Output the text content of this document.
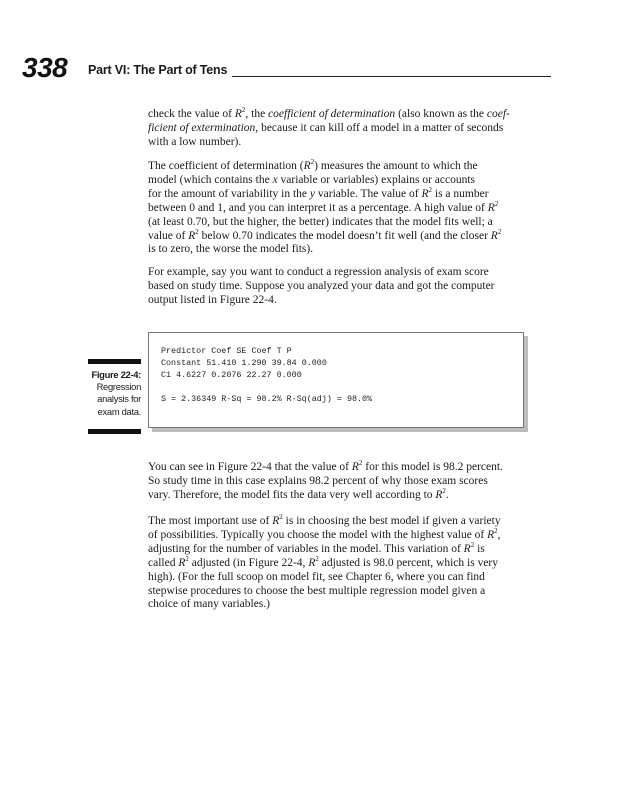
338 Part VI: The Part of Tens

check the value of $R^2$, the coefficient of determination (also known as the coef-
ficient of extermination, because it can kill off a model in a matter of seconds
with a low number).

The coefficient of determination $(R^2)$ measures the amount to which the
model (which contains the x variable or variables) explains or accounts
for the amount of variability in the y variable. The value of $R^2$ is a number
between 0 and 1, and you can interpret it as a percentage. A high value of $R^2$
(at least 0.70, but the higher, the better) indicates that the model fits well; a
value of $R^2$ below 0.70 indicates the model doesn’t fit well (and the closer $R^2$
is to zero, the worse the model fits).

For example, say you want to conduct a regression analysis of exam score
based on study time. Suppose you analyzed your data and got the computer
output listed in Figure 22-4.

Figure 22-4:
Regression
analysis for
exam data.
Predictor Coef SE Coef T P
Constant 51.410 1.290 39.84 0.000
C1 4.6227 0.2076 22.27 0.000
S = 2.36349 R-Sq = 98.2% R-Sq(adj) = 98.0%

You can see in Figure 22-4 that the value of $R^2$ for this model is 98.2 percent.
So study time in this case explains 98.2 percent of why those exam scores
vary. Therefore, the model fits the data very well according to $R^2$.

The most important use of $R^2$ is in choosing the best model if given a variety
of possibilities. Typically you choose the model with the highest value of $R^2$,
adjusting for the number of variables in the model. This variation of $R^2$ is
called $R^2$ adjusted (in Figure 22-4, $R^2$ adjusted is 98.0 percent, which is very
high). (For the full scoop on model fit, see Chapter 6, where you can find
stepwise procedures to choose the best multiple regression model given a
choice of many variables.)
